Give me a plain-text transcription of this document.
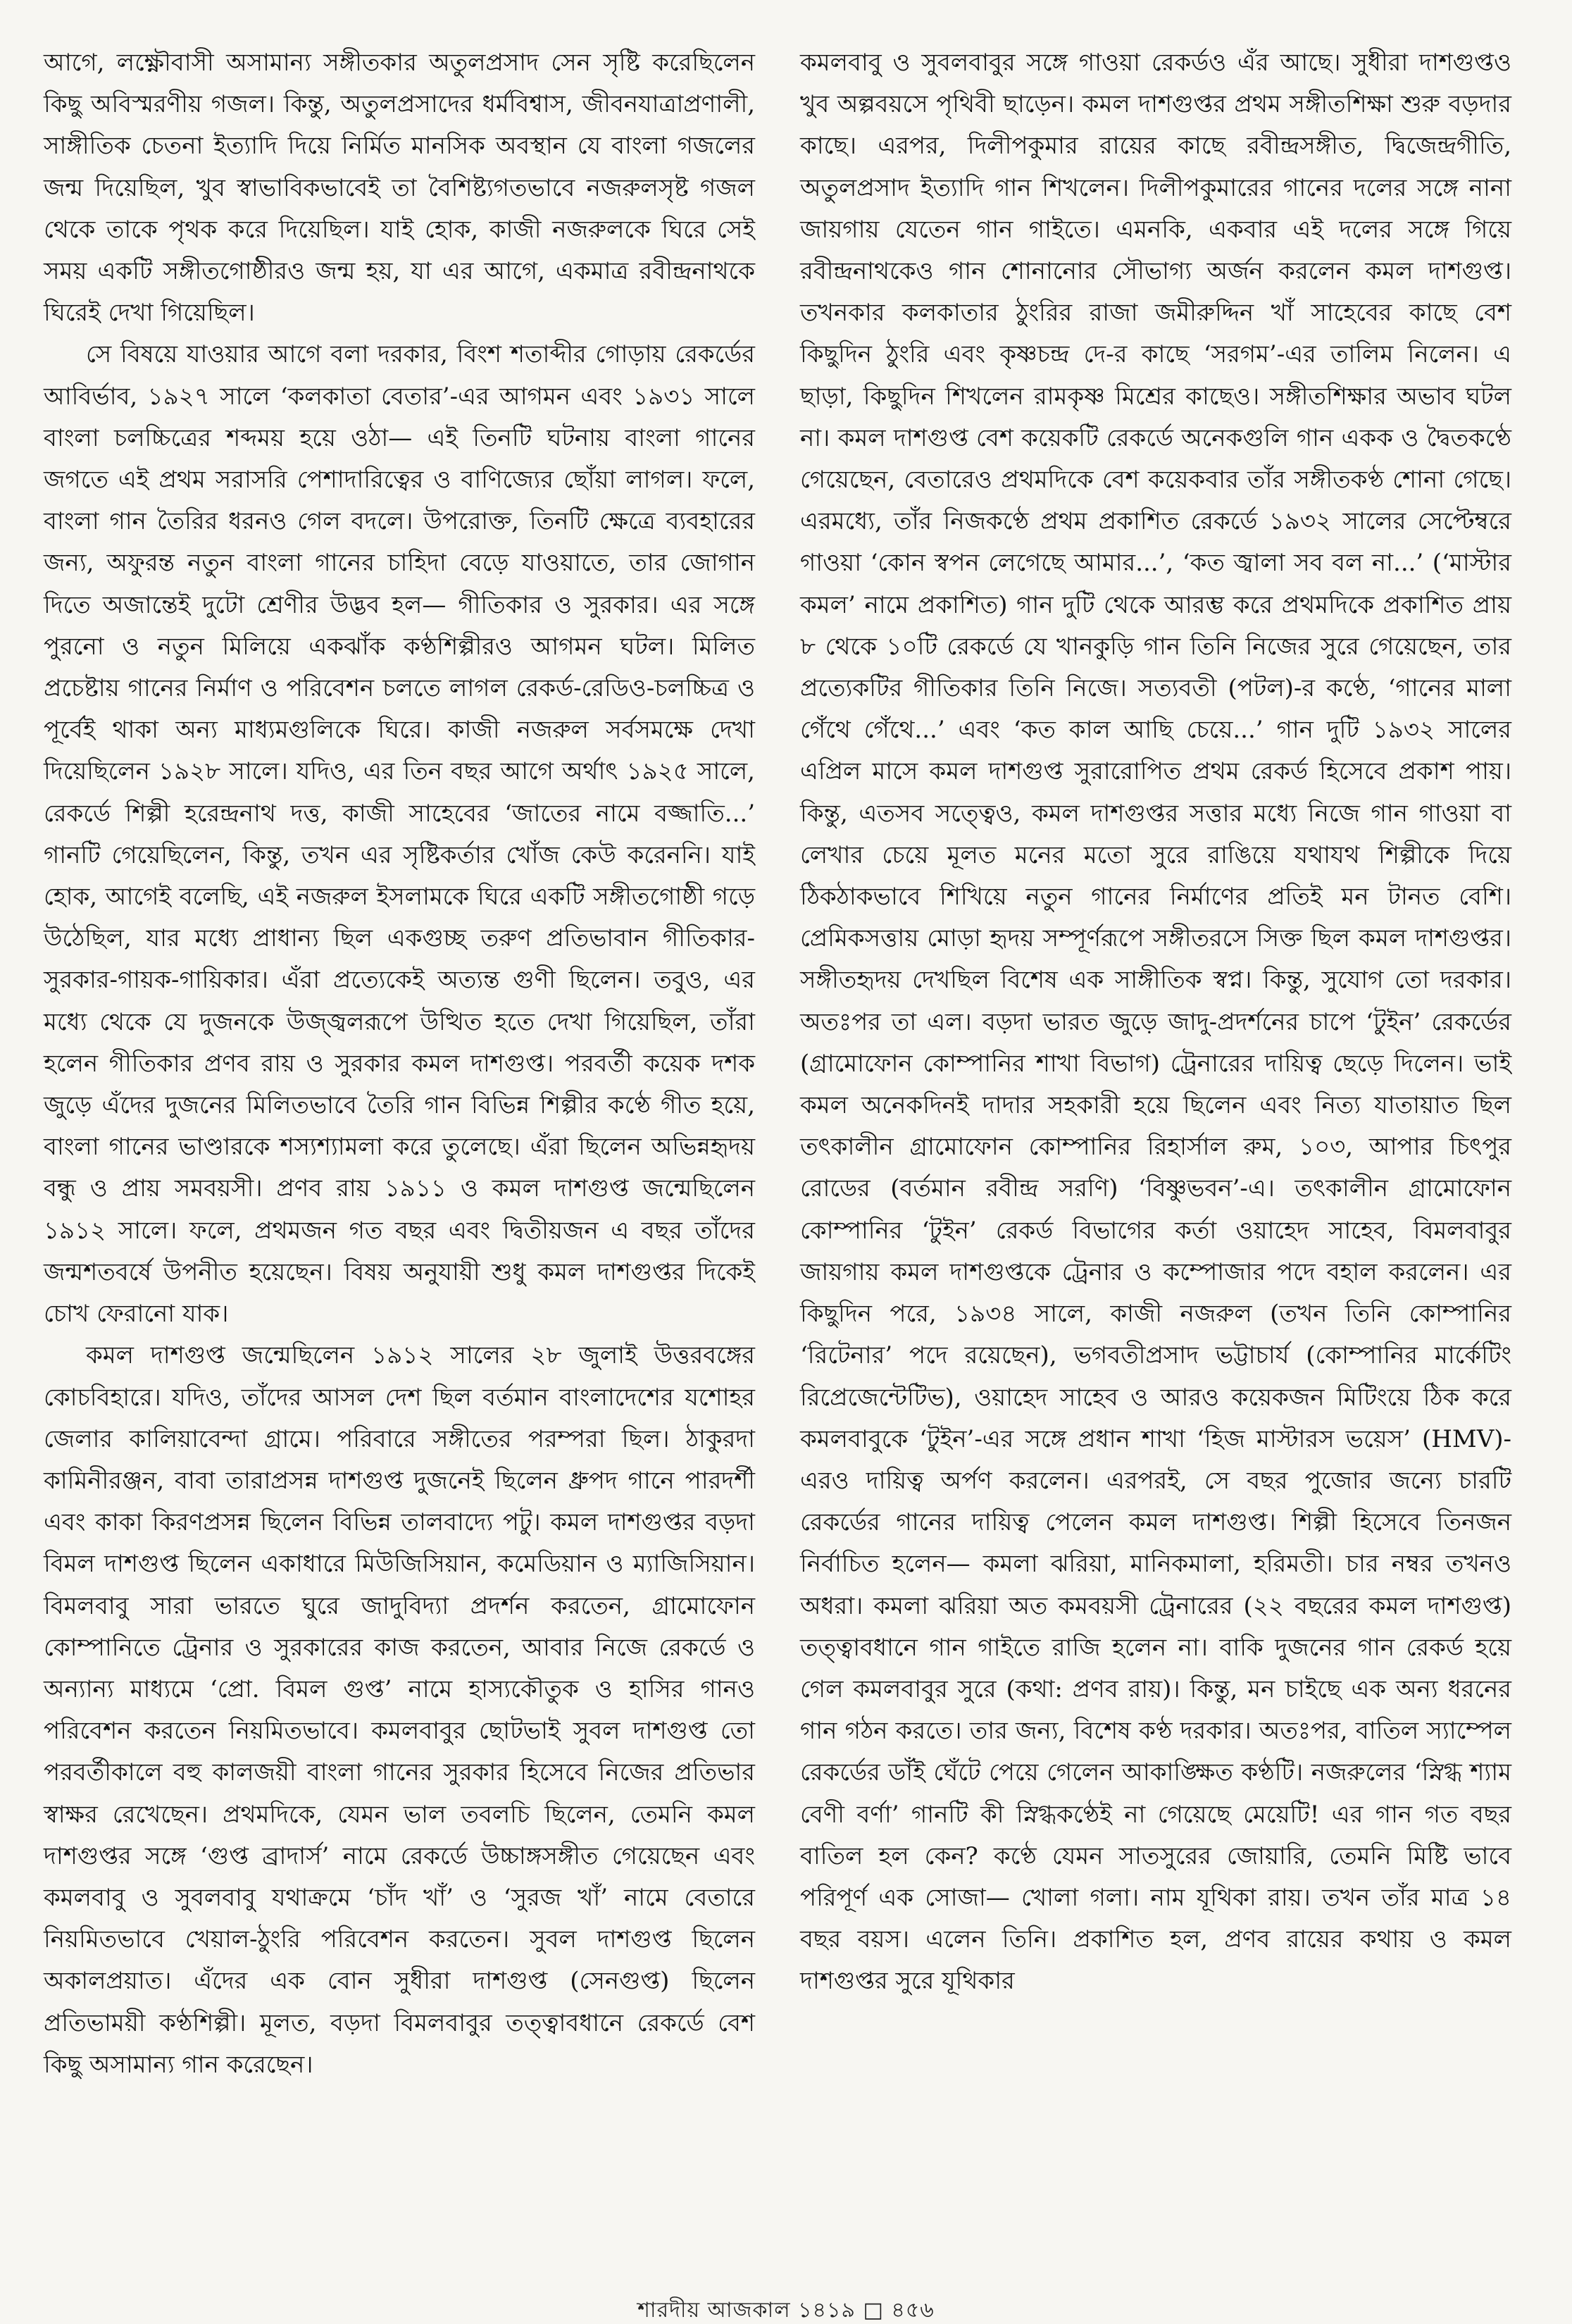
আগে, লক্ষ্ণৌবাসী অসামান্য সঙ্গীতকার অতুলপ্রসাদ সেন সৃষ্টি করেছিলেন কিছু অবিস্মরণীয় গজল। কিন্তু, অতুলপ্রসাদের ধর্মবিশ্বাস, জীবনযাত্রাপ্রণালী, সাঙ্গীতিক চেতনা ইত্যাদি দিয়ে নির্মিত মানসিক অবস্থান যে বাংলা গজলের জন্ম দিয়েছিল, খুব স্বাভাবিকভাবেই তা বৈশিষ্ট্যগতভাবে নজরুলসৃষ্ট গজল থেকে তাকে পৃথক করে দিয়েছিল। যাই হোক, কাজী নজরুলকে ঘিরে সেই সময় একটি সঙ্গীতগোষ্ঠীরও জন্ম হয়, যা এর আগে, একমাত্র রবীন্দ্রনাথকে ঘিরেই দেখা গিয়েছিল।

সে বিষয়ে যাওয়ার আগে বলা দরকার, বিংশ শতাব্দীর গোড়ায় রেকর্ডের আবির্ভাব, ১৯২৭ সালে ‘কলকাতা বেতার’-এর আগমন এবং ১৯৩১ সালে বাংলা চলচ্চিত্রের শব্দময় হয়ে ওঠা— এই তিনটি ঘটনায় বাংলা গানের জগতে এই প্রথম সরাসরি পেশাদারিত্বের ও বাণিজ্যের ছোঁয়া লাগল। ফলে, বাংলা গান তৈরির ধরনও গেল বদলে। উপরোক্ত, তিনটি ক্ষেত্রে ব্যবহারের জন্য, অফুরন্ত নতুন বাংলা গানের চাহিদা বেড়ে যাওয়াতে, তার জোগান দিতে অজান্তেই দুটো শ্রেণীর উদ্ভব হল— গীতিকার ও সুরকার। এর সঙ্গে পুরনো ও নতুন মিলিয়ে একঝাঁক কণ্ঠশিল্পীরও আগমন ঘটল। মিলিত প্রচেষ্টায় গানের নির্মাণ ও পরিবেশন চলতে লাগল রেকর্ড-রেডিও-চলচ্চিত্র ও পূর্বেই থাকা অন্য মাধ্যমগুলিকে ঘিরে। কাজী নজরুল সর্বসমক্ষে দেখা দিয়েছিলেন ১৯২৮ সালে। যদিও, এর তিন বছর আগে অর্থাৎ ১৯২৫ সালে, রেকর্ডে শিল্পী হরেন্দ্রনাথ দত্ত, কাজী সাহেবের ‘জাতের নামে বজ্জাতি...’ গানটি গেয়েছিলেন, কিন্তু, তখন এর সৃষ্টিকর্তার খোঁজ কেউ করেননি। যাই হোক, আগেই বলেছি, এই নজরুল ইসলামকে ঘিরে একটি সঙ্গীতগোষ্ঠী গড়ে উঠেছিল, যার মধ্যে প্রাধান্য ছিল একগুচ্ছ তরুণ প্রতিভাবান গীতিকার-সুরকার-গায়ক-গায়িকার। এঁরা প্রত্যেকেই অত্যন্ত গুণী ছিলেন। তবুও, এর মধ্যে থেকে যে দুজনকে উজ্জ্বলরূপে উত্থিত হতে দেখা গিয়েছিল, তাঁরা হলেন গীতিকার প্রণব রায় ও সুরকার কমল দাশগুপ্ত। পরবর্তী কয়েক দশক জুড়ে এঁদের দুজনের মিলিতভাবে তৈরি গান বিভিন্ন শিল্পীর কণ্ঠে গীত হয়ে, বাংলা গানের ভাণ্ডারকে শস্যশ্যামলা করে তুলেছে। এঁরা ছিলেন অভিন্নহৃদয় বন্ধু ও প্রায় সমবয়সী। প্রণব রায় ১৯১১ ও কমল দাশগুপ্ত জন্মেছিলেন ১৯১২ সালে। ফলে, প্রথমজন গত বছর এবং দ্বিতীয়জন এ বছর তাঁদের জন্মশতবর্ষে উপনীত হয়েছেন। বিষয় অনুযায়ী শুধু কমল দাশগুপ্তর দিকেই চোখ ফেরানো যাক।

কমল দাশগুপ্ত জন্মেছিলেন ১৯১২ সালের ২৮ জুলাই উত্তরবঙ্গের কোচবিহারে। যদিও, তাঁদের আসল দেশ ছিল বর্তমান বাংলাদেশের যশোহর জেলার কালিয়াবেন্দা গ্রামে। পরিবারে সঙ্গীতের পরম্পরা ছিল। ঠাকুরদা কামিনীরঞ্জন, বাবা তারাপ্রসন্ন দাশগুপ্ত দুজনেই ছিলেন ধ্রুপদ গানে পারদর্শী এবং কাকা কিরণপ্রসন্ন ছিলেন বিভিন্ন তালবাদ্যে পটু। কমল দাশগুপ্তর বড়দা বিমল দাশগুপ্ত ছিলেন একাধারে মিউজিসিয়ান, কমেডিয়ান ও ম্যাজিসিয়ান। বিমলবাবু সারা ভারতে ঘুরে জাদুবিদ্যা প্রদর্শন করতেন, গ্রামোফোন কোম্পানিতে ট্রেনার ও সুরকারের কাজ করতেন, আবার নিজে রেকর্ডে ও অন্যান্য মাধ্যমে ‘প্রো. বিমল গুপ্ত’ নামে হাস্যকৌতুক ও হাসির গানও পরিবেশন করতেন নিয়মিতভাবে। কমলবাবুর ছোটভাই সুবল দাশগুপ্ত তো পরবর্তীকালে বহু কালজয়ী বাংলা গানের সুরকার হিসেবে নিজের প্রতিভার স্বাক্ষর রেখেছেন। প্রথমদিকে, যেমন ভাল তবলচি ছিলেন, তেমনি কমল দাশগুপ্তর সঙ্গে ‘গুপ্ত ব্রাদার্স’ নামে রেকর্ডে উচ্চাঙ্গসঙ্গীত গেয়েছেন এবং কমলবাবু ও সুবলবাবু যথাক্রমে ‘চাঁদ খাঁ’ ও ‘সুরজ খাঁ’ নামে বেতারে নিয়মিতভাবে খেয়াল-ঠুংরি পরিবেশন করতেন। সুবল দাশগুপ্ত ছিলেন অকালপ্রয়াত। এঁদের এক বোন সুধীরা দাশগুপ্ত (সেনগুপ্ত) ছিলেন প্রতিভাময়ী কণ্ঠশিল্পী। মূলত, বড়দা বিমলবাবুর তত্ত্বাবধানে রেকর্ডে বেশ কিছু অসামান্য গান করেছেন।

কমলবাবু ও সুবলবাবুর সঙ্গে গাওয়া রেকর্ডও এঁর আছে। সুধীরা দাশগুপ্তও খুব অল্পবয়সে পৃথিবী ছাড়েন। কমল দাশগুপ্তর প্রথম সঙ্গীতশিক্ষা শুরু বড়দার কাছে। এরপর, দিলীপকুমার রায়ের কাছে রবীন্দ্রসঙ্গীত, দ্বিজেন্দ্রগীতি, অতুলপ্রসাদ ইত্যাদি গান শিখলেন। দিলীপকুমারের গানের দলের সঙ্গে নানা জায়গায় যেতেন গান গাইতে। এমনকি, একবার এই দলের সঙ্গে গিয়ে রবীন্দ্রনাথকেও গান শোনানোর সৌভাগ্য অর্জন করলেন কমল দাশগুপ্ত। তখনকার কলকাতার ঠুংরির রাজা জমীরুদ্দিন খাঁ সাহেবের কাছে বেশ কিছুদিন ঠুংরি এবং কৃষ্ণচন্দ্র দে-র কাছে ‘সরগম’-এর তালিম নিলেন। এ ছাড়া, কিছুদিন শিখলেন রামকৃষ্ণ মিশ্রের কাছেও। সঙ্গীতশিক্ষার অভাব ঘটল না। কমল দাশগুপ্ত বেশ কয়েকটি রেকর্ডে অনেকগুলি গান একক ও দ্বৈতকণ্ঠে গেয়েছেন, বেতারেও প্রথমদিকে বেশ কয়েকবার তাঁর সঙ্গীতকণ্ঠ শোনা গেছে। এরমধ্যে, তাঁর নিজকণ্ঠে প্রথম প্রকাশিত রেকর্ডে ১৯৩২ সালের সেপ্টেম্বরে গাওয়া ‘কোন স্বপন লেগেছে আমার...’, ‘কত জ্বালা সব বল না...’ (‘মাস্টার কমল’ নামে প্রকাশিত) গান দুটি থেকে আরম্ভ করে প্রথমদিকে প্রকাশিত প্রায় ৮ থেকে ১০টি রেকর্ডে যে খানকুড়ি গান তিনি নিজের সুরে গেয়েছেন, তার প্রত্যেকটির গীতিকার তিনি নিজে। সত্যবতী (পটল)-র কণ্ঠে, ‘গানের মালা গেঁথে গেঁথে...’ এবং ‘কত কাল আছি চেয়ে...’ গান দুটি ১৯৩২ সালের এপ্রিল মাসে কমল দাশগুপ্ত সুরারোপিত প্রথম রেকর্ড হিসেবে প্রকাশ পায়। কিন্তু, এতসব সত্ত্বেও, কমল দাশগুপ্তর সত্তার মধ্যে নিজে গান গাওয়া বা লেখার চেয়ে মূলত মনের মতো সুরে রাঙিয়ে যথাযথ শিল্পীকে দিয়ে ঠিকঠাকভাবে শিখিয়ে নতুন গানের নির্মাণের প্রতিই মন টানত বেশি। প্রেমিকসত্তায় মোড়া হৃদয় সম্পূর্ণরূপে সঙ্গীতরসে সিক্ত ছিল কমল দাশগুপ্তর। সঙ্গীতহৃদয় দেখছিল বিশেষ এক সাঙ্গীতিক স্বপ্ন। কিন্তু, সুযোগ তো দরকার। অতঃপর তা এল। বড়দা ভারত জুড়ে জাদু-প্রদর্শনের চাপে ‘টুইন’ রেকর্ডের (গ্রামোফোন কোম্পানির শাখা বিভাগ) ট্রেনারের দায়িত্ব ছেড়ে দিলেন। ভাই কমল অনেকদিনই দাদার সহকারী হয়ে ছিলেন এবং নিত্য যাতায়াত ছিল তৎকালীন গ্রামোফোন কোম্পানির রিহার্সাল রুম, ১০৩, আপার চিৎপুর রোডের (বর্তমান রবীন্দ্র সরণি) ‘বিষ্ণুভবন’-এ। তৎকালীন গ্রামোফোন কোম্পানির ‘টুইন’ রেকর্ড বিভাগের কর্তা ওয়াহেদ সাহেব, বিমলবাবুর জায়গায় কমল দাশগুপ্তকে ট্রেনার ও কম্পোজার পদে বহাল করলেন। এর কিছুদিন পরে, ১৯৩৪ সালে, কাজী নজরুল (তখন তিনি কোম্পানির ‘রিটেনার’ পদে রয়েছেন), ভগবতীপ্রসাদ ভট্টাচার্য (কোম্পানির মার্কেটিং রিপ্রেজেন্টেটিভ), ওয়াহেদ সাহেব ও আরও কয়েকজন মিটিংয়ে ঠিক করে কমলবাবুকে ‘টুইন’-এর সঙ্গে প্রধান শাখা ‘হিজ মাস্টারস ভয়েস’ (HMV)-এরও দায়িত্ব অর্পণ করলেন। এরপরই, সে বছর পুজোর জন্যে চারটি রেকর্ডের গানের দায়িত্ব পেলেন কমল দাশগুপ্ত। শিল্পী হিসেবে তিনজন নির্বাচিত হলেন— কমলা ঝরিয়া, মানিকমালা, হরিমতী। চার নম্বর তখনও অধরা। কমলা ঝরিয়া অত কমবয়সী ট্রেনারের (২২ বছরের কমল দাশগুপ্ত) তত্ত্বাবধানে গান গাইতে রাজি হলেন না। বাকি দুজনের গান রেকর্ড হয়ে গেল কমলবাবুর সুরে (কথা: প্রণব রায়)। কিন্তু, মন চাইছে এক অন্য ধরনের গান গঠন করতে। তার জন্য, বিশেষ কণ্ঠ দরকার। অতঃপর, বাতিল স্যাম্পেল রেকর্ডের ডাঁই ঘেঁটে পেয়ে গেলেন আকাঙ্ক্ষিত কণ্ঠটি। নজরুলের ‘স্নিগ্ধ শ্যাম বেণী বর্ণা’ গানটি কী স্নিগ্ধকণ্ঠেই না গেয়েছে মেয়েটি! এর গান গত বছর বাতিল হল কেন? কণ্ঠে যেমন সাতসুরের জোয়ারি, তেমনি মিষ্টি ভাবে পরিপূর্ণ এক সোজা— খোলা গলা। নাম যূথিকা রায়। তখন তাঁর মাত্র ১৪ বছর বয়স। এলেন তিনি। প্রকাশিত হল, প্রণব রায়ের কথায় ও কমল দাশগুপ্তর সুরে যূথিকার

শারদীয় আজকাল ১৪১৯ □ ৪৫৬
